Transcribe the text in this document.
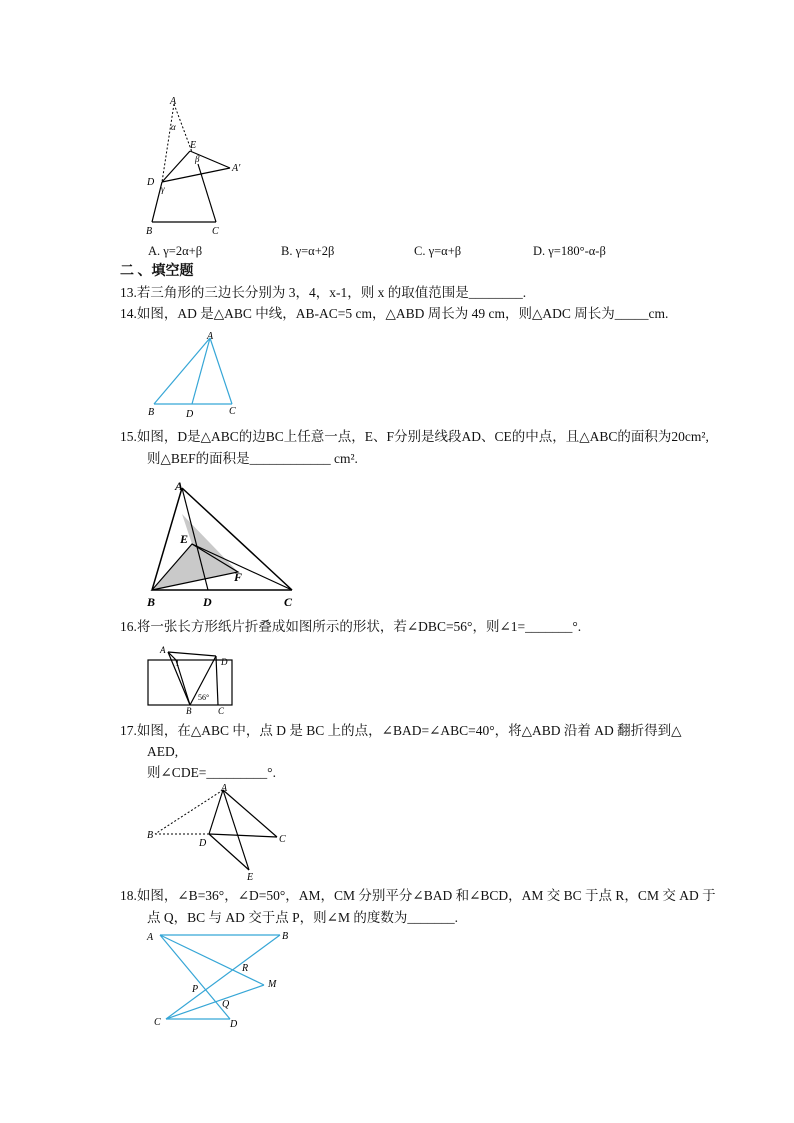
A
α
E
β
A′
D
γ
B	C
A. γ=2α+β	B. γ=α+2β	C. γ=α+β	D. γ=180°-α-β
二 、填空题
13.若三角形的三边长分别为 3，4，x-1，则 x 的取值范围是________.
14.如图，AD 是△ABC 中线，AB-AC=5 cm，△ABD 周长为 49 cm，则△ADC 周长为_____cm.
A
B	D	C
15.如图，D是△ABC的边BC上任意一点，E、F分别是线段AD、CE的中点，且△ABC的面积为20cm²,
则△BEF的面积是____________ cm².
A
E
F
B	D	C
16.将一张长方形纸片折叠成如图所示的形状，若∠DBC=56°，则∠1=_______°.
A
1	D
56°
B	C
17.如图，在△ABC 中，点 D 是 BC 上的点，∠BAD=∠ABC=40°，将△ABD 沿着 AD 翻折得到△
AED,
则∠CDE=_________°.
A
B
D	C
E
18.如图，∠B=36°，∠D=50°，AM，CM 分别平分∠BAD 和∠BCD，AM 交 BC 于点 R，CM 交 AD 于
点 Q，BC 与 AD 交于点 P，则∠M 的度数为_______.
A	B
R
M
P
Q
C	D
